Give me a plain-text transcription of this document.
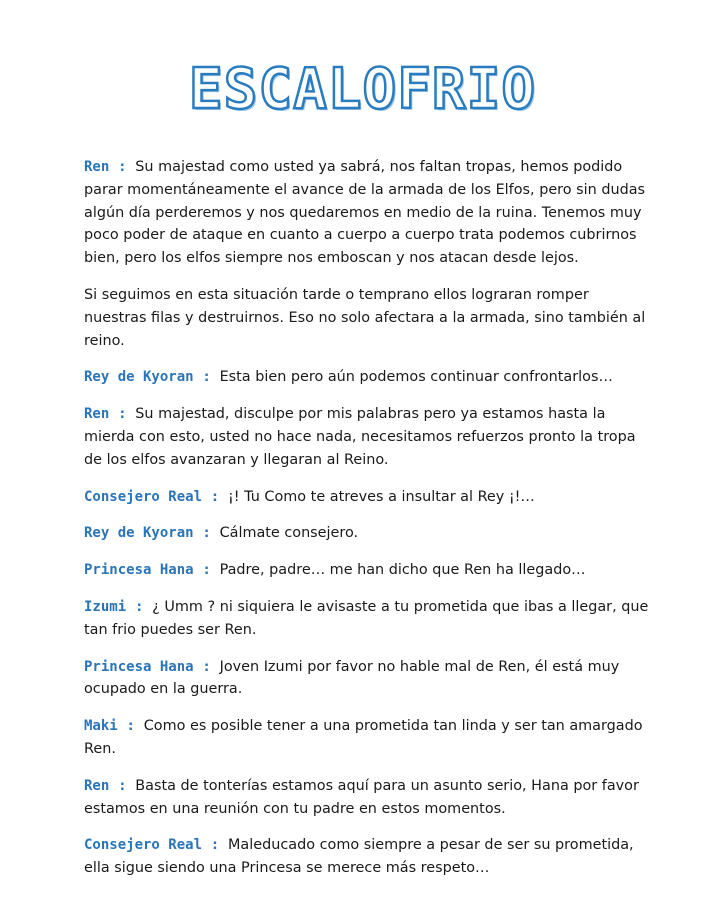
ESCALOFRIO

Ren : Su majestad como usted ya sabrá, nos faltan tropas, hemos podido parar momentáneamente el avance de la armada de los Elfos, pero sin dudas algún día perderemos y nos quedaremos en medio de la ruina. Tenemos muy poco poder de ataque en cuanto a cuerpo a cuerpo trata podemos cubrirnos bien, pero los elfos siempre nos emboscan y nos atacan desde lejos.

Si seguimos en esta situación tarde o temprano ellos lograran romper nuestras filas y destruirnos. Eso no solo afectara a la armada, sino también al reino.

Rey de Kyoran : Esta bien pero aún podemos continuar confrontarlos…

Ren : Su majestad, disculpe por mis palabras pero ya estamos hasta la mierda con esto, usted no hace nada, necesitamos refuerzos pronto la tropa de los elfos avanzaran y llegaran al Reino.

Consejero Real : ¡! Tu Como te atreves a insultar al Rey ¡!…

Rey de Kyoran : Cálmate consejero.

Princesa Hana : Padre, padre… me han dicho que Ren ha llegado…

Izumi : ¿ Umm ? ni siquiera le avisaste a tu prometida que ibas a llegar, que tan frio puedes ser Ren.

Princesa Hana : Joven Izumi por favor no hable mal de Ren, él está muy ocupado en la guerra.

Maki : Como es posible tener a una prometida tan linda y ser tan amargado Ren.

Ren : Basta de tonterías estamos aquí para un asunto serio, Hana por favor estamos en una reunión con tu padre en estos momentos.

Consejero Real : Maleducado como siempre a pesar de ser su prometida, ella sigue siendo una Princesa se merece más respeto…
